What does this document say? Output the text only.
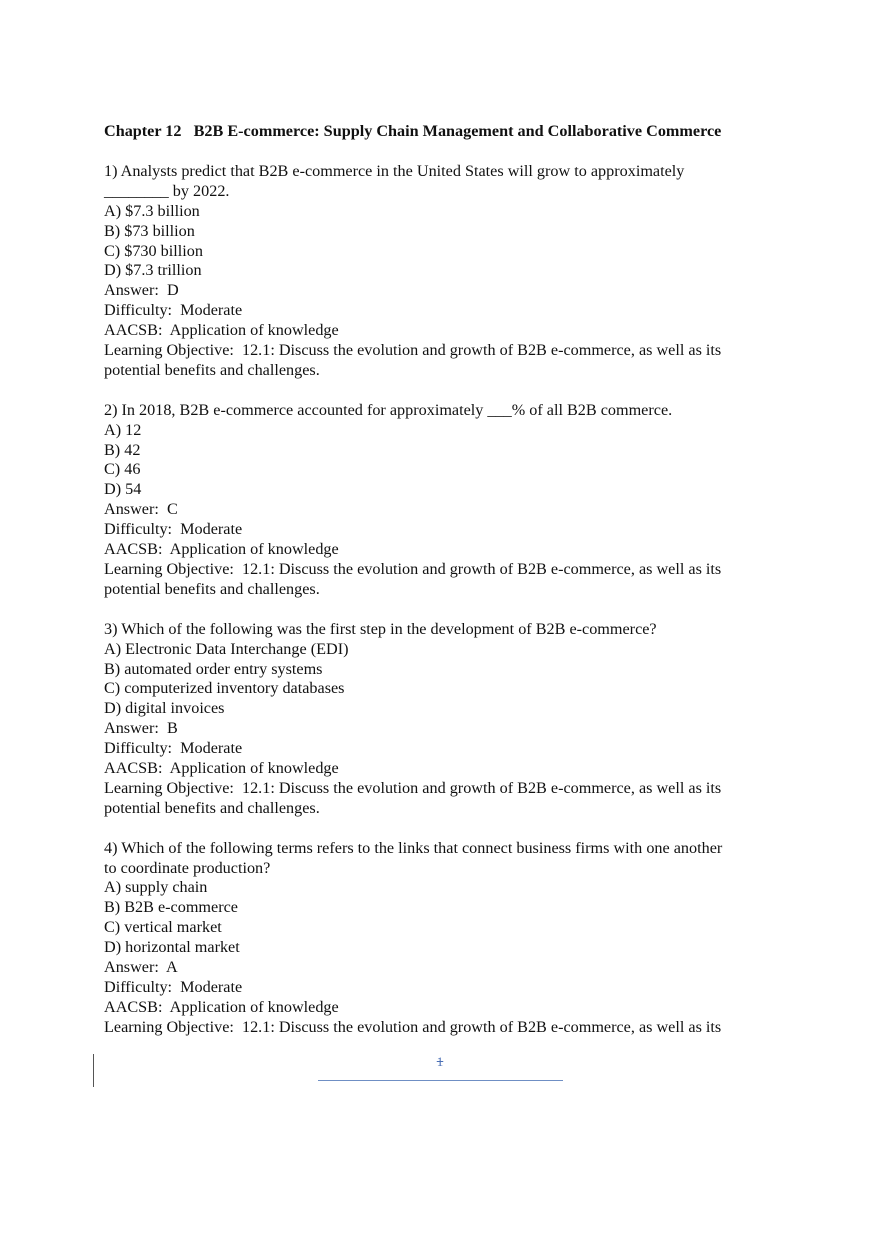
Chapter 12   B2B E-commerce: Supply Chain Management and Collaborative Commerce
1) Analysts predict that B2B e-commerce in the United States will grow to approximately
________ by 2022.
A) $7.3 billion
B) $73 billion
C) $730 billion
D) $7.3 trillion
Answer:  D
Difficulty:  Moderate
AACSB:  Application of knowledge
Learning Objective:  12.1: Discuss the evolution and growth of B2B e-commerce, as well as its
potential benefits and challenges.
2) In 2018, B2B e-commerce accounted for approximately ___% of all B2B commerce.
A) 12
B) 42
C) 46
D) 54
Answer:  C
Difficulty:  Moderate
AACSB:  Application of knowledge
Learning Objective:  12.1: Discuss the evolution and growth of B2B e-commerce, as well as its
potential benefits and challenges.
3) Which of the following was the first step in the development of B2B e-commerce?
A) Electronic Data Interchange (EDI)
B) automated order entry systems
C) computerized inventory databases
D) digital invoices
Answer:  B
Difficulty:  Moderate
AACSB:  Application of knowledge
Learning Objective:  12.1: Discuss the evolution and growth of B2B e-commerce, as well as its
potential benefits and challenges.
4) Which of the following terms refers to the links that connect business firms with one another
to coordinate production?
A) supply chain
B) B2B e-commerce
C) vertical market
D) horizontal market
Answer:  A
Difficulty:  Moderate
AACSB:  Application of knowledge
Learning Objective:  12.1: Discuss the evolution and growth of B2B e-commerce, as well as its
1
